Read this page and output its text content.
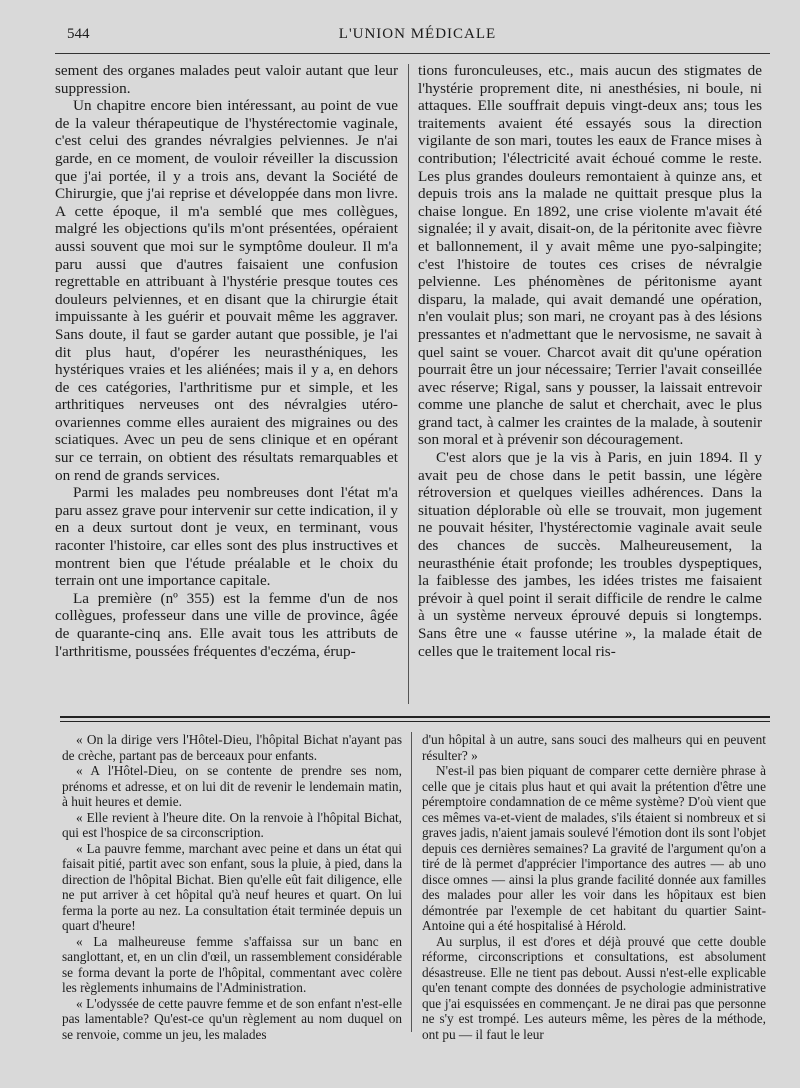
544	L'UNION MÉDICALE

sement des organes malades peut valoir autant que leur suppression.

Un chapitre encore bien intéressant, au point de vue de la valeur thérapeutique de l'hystérectomie vaginale, c'est celui des grandes névralgies pelviennes. Je n'ai garde, en ce moment, de vouloir réveiller la discussion que j'ai portée, il y a trois ans, devant la Société de Chirurgie, que j'ai reprise et développée dans mon livre. A cette époque, il m'a semblé que mes collègues, malgré les objections qu'ils m'ont présentées, opéraient aussi souvent que moi sur le symptôme douleur. Il m'a paru aussi que d'autres faisaient une confusion regrettable en attribuant à l'hystérie presque toutes ces douleurs pelviennes, et en disant que la chirurgie était impuissante à les guérir et pouvait même les aggraver. Sans doute, il faut se garder autant que possible, je l'ai dit plus haut, d'opérer les neurasthéniques, les hystériques vraies et les aliénées; mais il y a, en dehors de ces catégories, l'arthritisme pur et simple, et les arthritiques nerveuses ont des névralgies utéro-ovariennes comme elles auraient des migraines ou des sciatiques. Avec un peu de sens clinique et en opérant sur ce terrain, on obtient des résultats remarquables et on rend de grands services.

Parmi les malades peu nombreuses dont l'état m'a paru assez grave pour intervenir sur cette indication, il y en a deux surtout dont je veux, en terminant, vous raconter l'histoire, car elles sont des plus instructives et montrent bien que l'étude préalable et le choix du terrain ont une importance capitale.

La première (nº 355) est la femme d'un de nos collègues, professeur dans une ville de province, âgée de quarante-cinq ans. Elle avait tous les attributs de l'arthritisme, poussées fréquentes d'eczéma, érup-

tions furonculeuses, etc., mais aucun des stigmates de l'hystérie proprement dite, ni anesthésies, ni boule, ni attaques. Elle souffrait depuis vingt-deux ans; tous les traitements avaient été essayés sous la direction vigilante de son mari, toutes les eaux de France mises à contribution; l'électricité avait échoué comme le reste. Les plus grandes douleurs remontaient à quinze ans, et depuis trois ans la malade ne quittait presque plus la chaise longue. En 1892, une crise violente m'avait été signalée; il y avait, disait-on, de la péritonite avec fièvre et ballonnement, il y avait même une pyo-salpingite; c'est l'histoire de toutes ces crises de névralgie pelvienne. Les phénomènes de péritonisme ayant disparu, la malade, qui avait demandé une opération, n'en voulait plus; son mari, ne croyant pas à des lésions pressantes et n'admettant que le nervosisme, ne savait à quel saint se vouer. Charcot avait dit qu'une opération pourrait être un jour nécessaire; Terrier l'avait conseillée avec réserve; Rigal, sans y pousser, la laissait entrevoir comme une planche de salut et cherchait, avec le plus grand tact, à calmer les craintes de la malade, à soutenir son moral et à prévenir son découragement.

C'est alors que je la vis à Paris, en juin 1894. Il y avait peu de chose dans le petit bassin, une légère rétroversion et quelques vieilles adhérences. Dans la situation déplorable où elle se trouvait, mon jugement ne pouvait hésiter, l'hystérectomie vaginale avait seule des chances de succès. Malheureusement, la neurasthénie était profonde; les troubles dyspeptiques, la faiblesse des jambes, les idées tristes me faisaient prévoir à quel point il serait difficile de rendre le calme à un système nerveux éprouvé depuis si longtemps. Sans être une « fausse utérine », la malade était de celles que le traitement local ris-

« On la dirige vers l'Hôtel-Dieu, l'hôpital Bichat n'ayant pas de crèche, partant pas de berceaux pour enfants.

« A l'Hôtel-Dieu, on se contente de prendre ses nom, prénoms et adresse, et on lui dit de revenir le lendemain matin, à huit heures et demie.

« Elle revient à l'heure dite. On la renvoie à l'hôpital Bichat, qui est l'hospice de sa circonscription.

« La pauvre femme, marchant avec peine et dans un état qui faisait pitié, partit avec son enfant, sous la pluie, à pied, dans la direction de l'hôpital Bichat. Bien qu'elle eût fait diligence, elle ne put arriver à cet hôpital qu'à neuf heures et quart. On lui ferma la porte au nez. La consultation était terminée depuis un quart d'heure!

« La malheureuse femme s'affaissa sur un banc en sanglottant, et, en un clin d'œil, un rassemblement considérable se forma devant la porte de l'hôpital, commentant avec colère les règlements inhumains de l'Administration.

« L'odyssée de cette pauvre femme et de son enfant n'est-elle pas lamentable? Qu'est-ce qu'un règlement au nom duquel on se renvoie, comme un jeu, les malades

d'un hôpital à un autre, sans souci des malheurs qui en peuvent résulter? »

N'est-il pas bien piquant de comparer cette dernière phrase à celle que je citais plus haut et qui avait la prétention d'être une péremptoire condamnation de ce même système? D'où vient que ces mêmes va-et-vient de malades, s'ils étaient si nombreux et si graves jadis, n'aient jamais soulevé l'émotion dont ils sont l'objet depuis ces dernières semaines? La gravité de l'argument qu'on a tiré de là permet d'apprécier l'importance des autres — ab uno disce omnes — ainsi la plus grande facilité donnée aux familles des malades pour aller les voir dans les hôpitaux est bien démontrée par l'exemple de cet habitant du quartier Saint-Antoine qui a été hospitalisé à Hérold.

Au surplus, il est d'ores et déjà prouvé que cette double réforme, circonscriptions et consultations, est absolument désastreuse. Elle ne tient pas debout. Aussi n'est-elle explicable qu'en tenant compte des données de psychologie administrative que j'ai esquissées en commençant. Je ne dirai pas que personne ne s'y est trompé. Les auteurs même, les pères de la méthode, ont pu — il faut le leur
